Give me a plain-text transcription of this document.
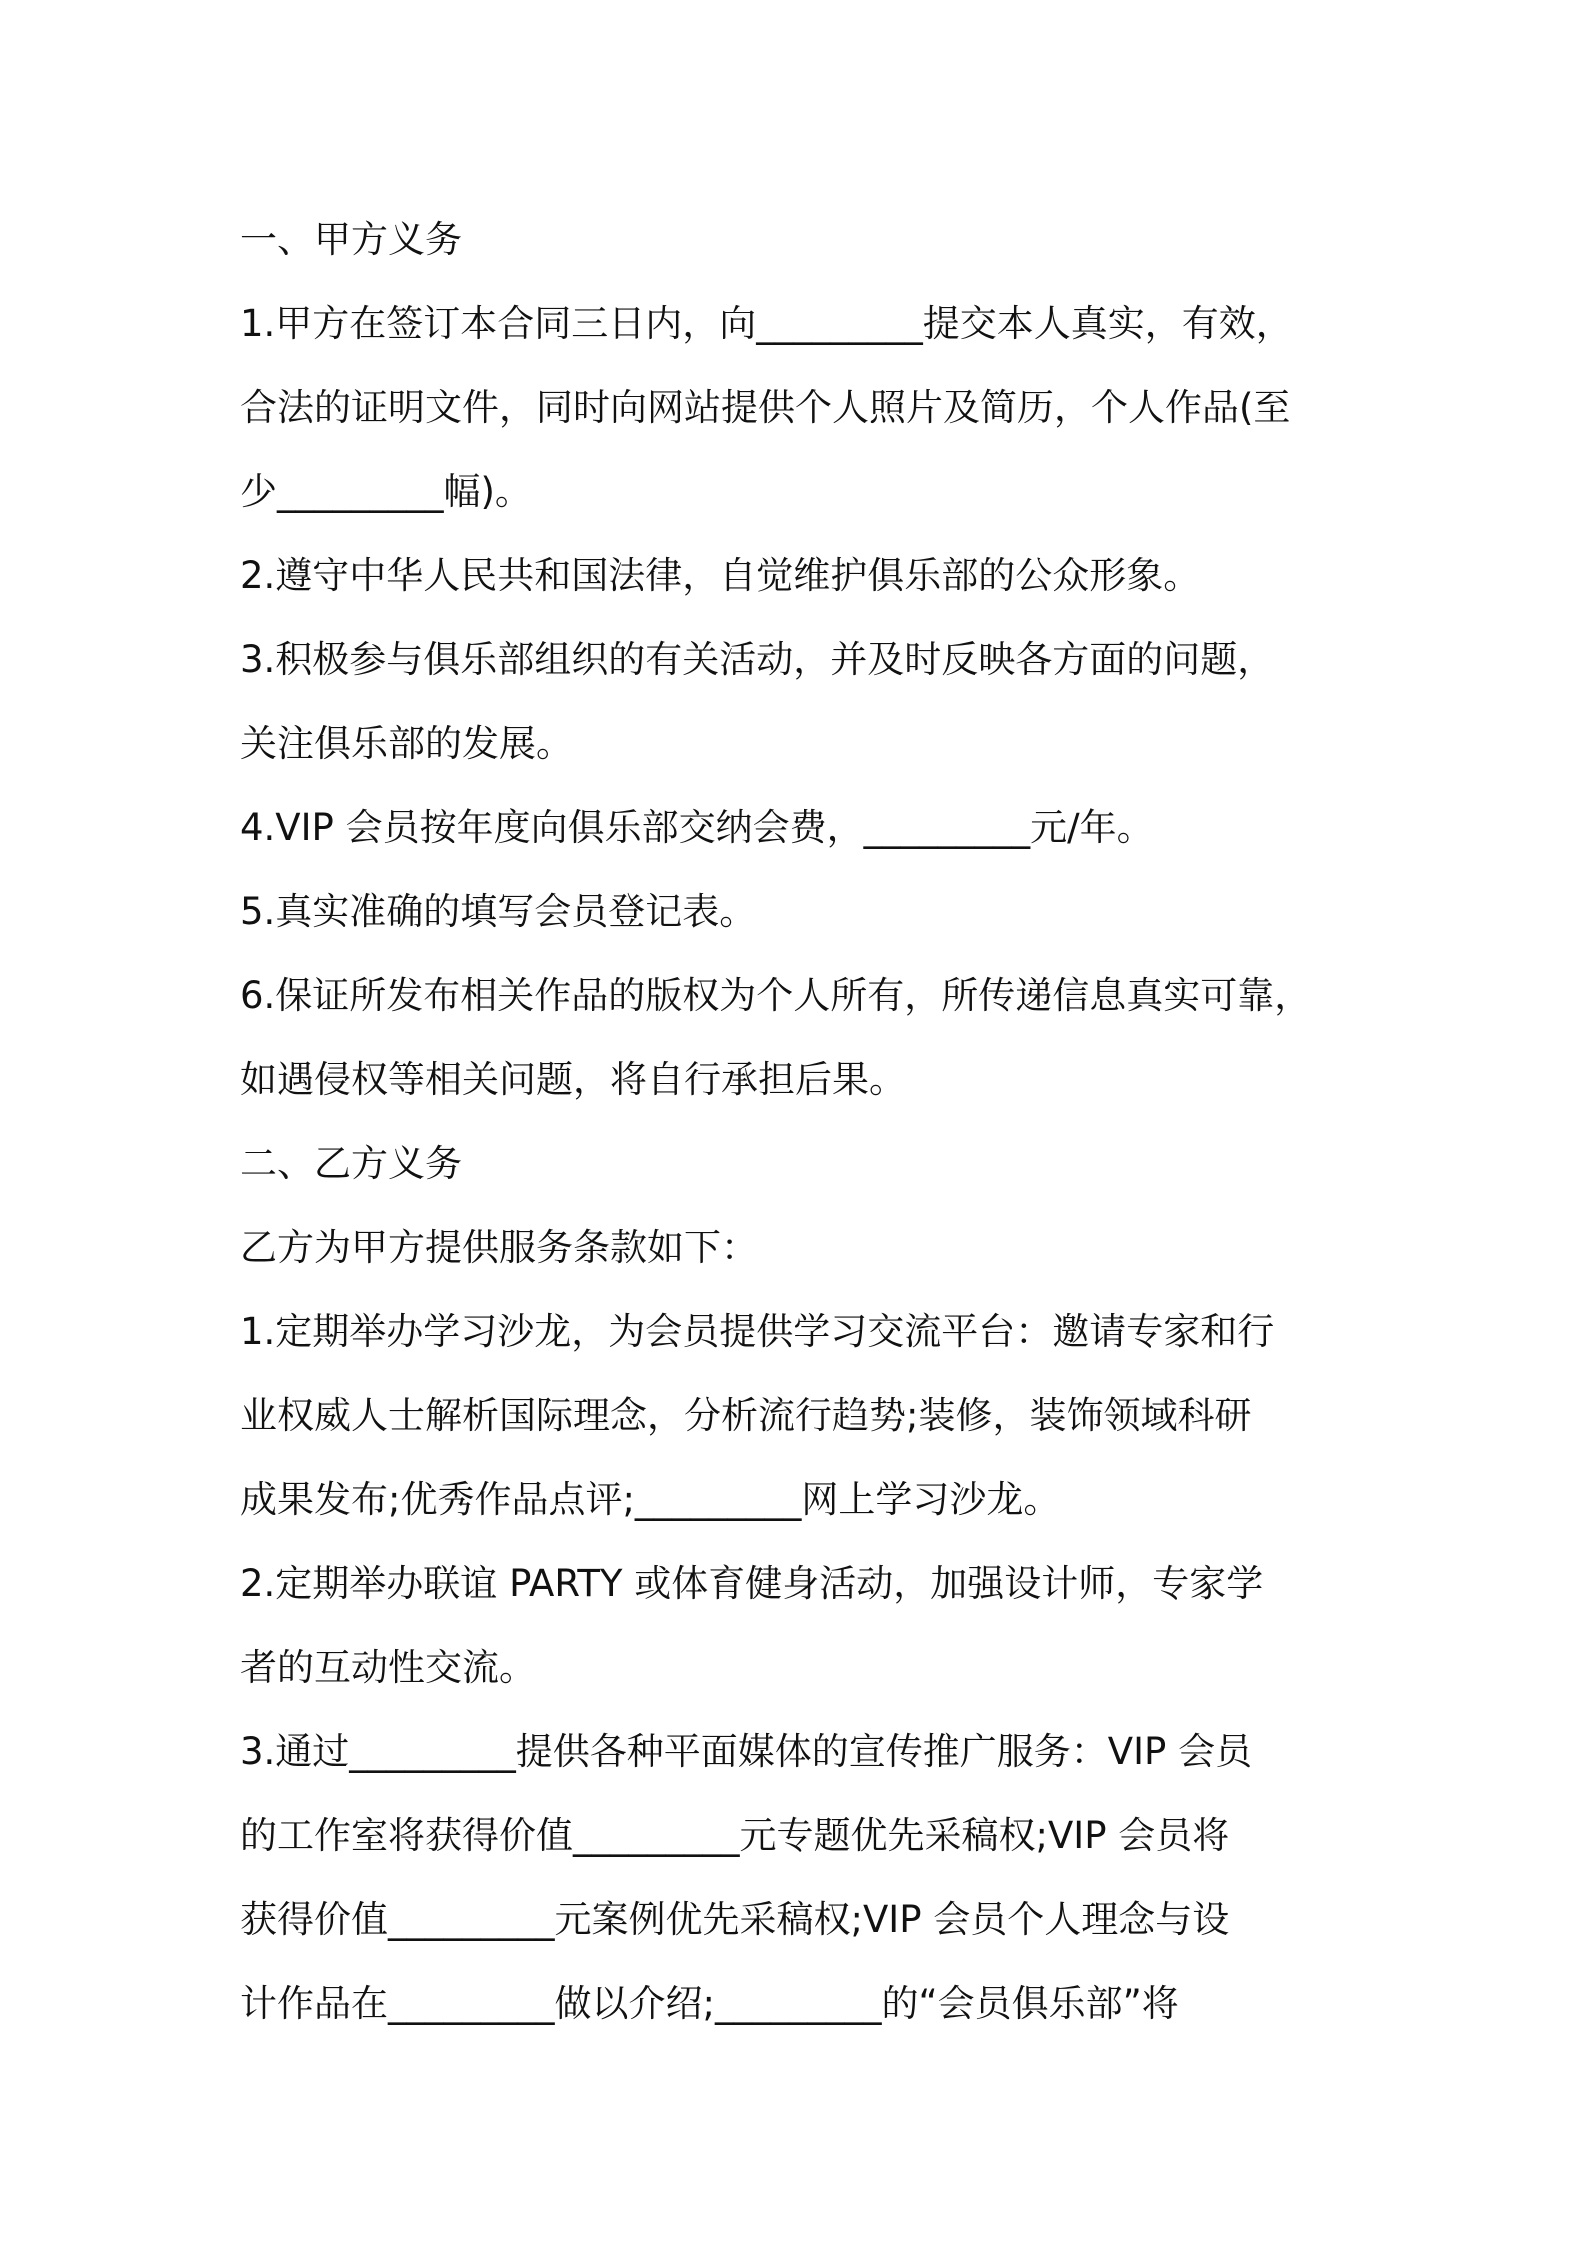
一、甲方义务
1.甲方在签订本合同三日内，向_________提交本人真实，有效，
合法的证明文件，同时向网站提供个人照片及简历，个人作品(至
少_________幅)。
2.遵守中华人民共和国法律，自觉维护俱乐部的公众形象。
3.积极参与俱乐部组织的有关活动，并及时反映各方面的问题，
关注俱乐部的发展。
4.VIP 会员按年度向俱乐部交纳会费，_________元/年。
5.真实准确的填写会员登记表。
6.保证所发布相关作品的版权为个人所有，所传递信息真实可靠，
如遇侵权等相关问题，将自行承担后果。
二、乙方义务
乙方为甲方提供服务条款如下：
1.定期举办学习沙龙，为会员提供学习交流平台：邀请专家和行
业权威人士解析国际理念，分析流行趋势;装修，装饰领域科研
成果发布;优秀作品点评;_________网上学习沙龙。
2.定期举办联谊 PARTY 或体育健身活动，加强设计师，专家学
者的互动性交流。
3.通过_________提供各种平面媒体的宣传推广服务：VIP 会员
的工作室将获得价值_________元专题优先采稿权;VIP 会员将
获得价值_________元案例优先采稿权;VIP 会员个人理念与设
计作品在_________做以介绍;_________的“会员俱乐部”将
